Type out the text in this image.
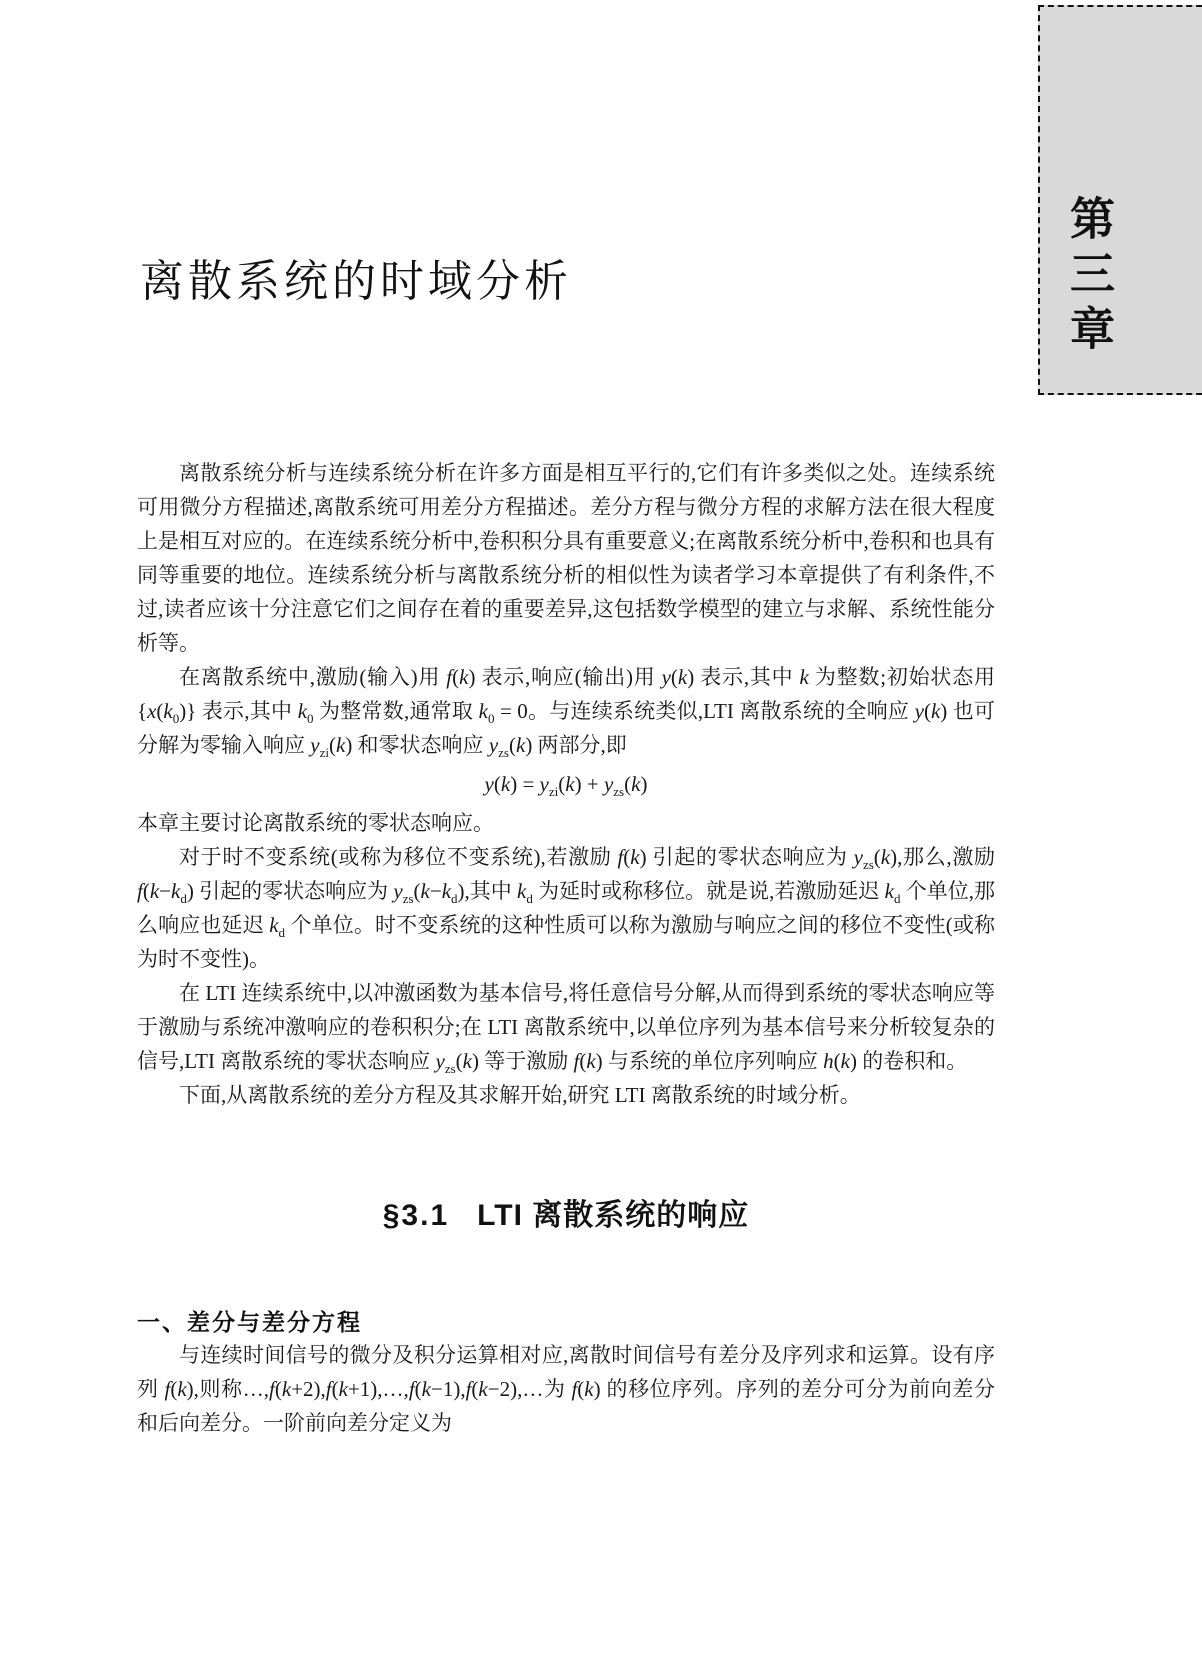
第三章
离散系统的时域分析

离散系统分析与连续系统分析在许多方面是相互平行的,它们有许多类似之处。连续系统可用微分方程描述,离散系统可用差分方程描述。差分方程与微分方程的求解方法在很大程度上是相互对应的。在连续系统分析中,卷积积分具有重要意义;在离散系统分析中,卷积和也具有同等重要的地位。连续系统分析与离散系统分析的相似性为读者学习本章提供了有利条件,不过,读者应该十分注意它们之间存在着的重要差异,这包括数学模型的建立与求解、系统性能分析等。

在离散系统中,激励(输入)用 f(k) 表示,响应(输出)用 y(k) 表示,其中 k 为整数;初始状态用 $\{x(k_0)\}$ 表示,其中 $k_0$ 为整常数,通常取 $k_0 = 0$。与连续系统类似,LTI 离散系统的全响应 y(k) 也可分解为零输入响应 $y_{zi}(k)$ 和零状态响应 $y_{zs}(k)$ 两部分,即

$y(k) = y_{zi}(k) + y_{zs}(k)$

本章主要讨论离散系统的零状态响应。

对于时不变系统(或称为移位不变系统),若激励 f(k) 引起的零状态响应为 $y_{zs}(k)$,那么,激励 $f(k-k_d)$ 引起的零状态响应为 $y_{zs}(k-k_d)$,其中 $k_d$ 为延时或称移位。就是说,若激励延迟 $k_d$ 个单位,那么响应也延迟 $k_d$ 个单位。时不变系统的这种性质可以称为激励与响应之间的移位不变性(或称为时不变性)。

在 LTI 连续系统中,以冲激函数为基本信号,将任意信号分解,从而得到系统的零状态响应等于激励与系统冲激响应的卷积积分;在 LTI 离散系统中,以单位序列为基本信号来分析较复杂的信号,LTI 离散系统的零状态响应 $y_{zs}(k)$ 等于激励 f(k) 与系统的单位序列响应 h(k) 的卷积和。

下面,从离散系统的差分方程及其求解开始,研究 LTI 离散系统的时域分析。

§3.1 LTI 离散系统的响应
一、差分与差分方程

与连续时间信号的微分及积分运算相对应,离散时间信号有差分及序列求和运算。设有序列 f(k),则称…,f(k+2),f(k+1),…,f(k−1),f(k−2),…为 f(k) 的移位序列。序列的差分可分为前向差分和后向差分。一阶前向差分定义为
